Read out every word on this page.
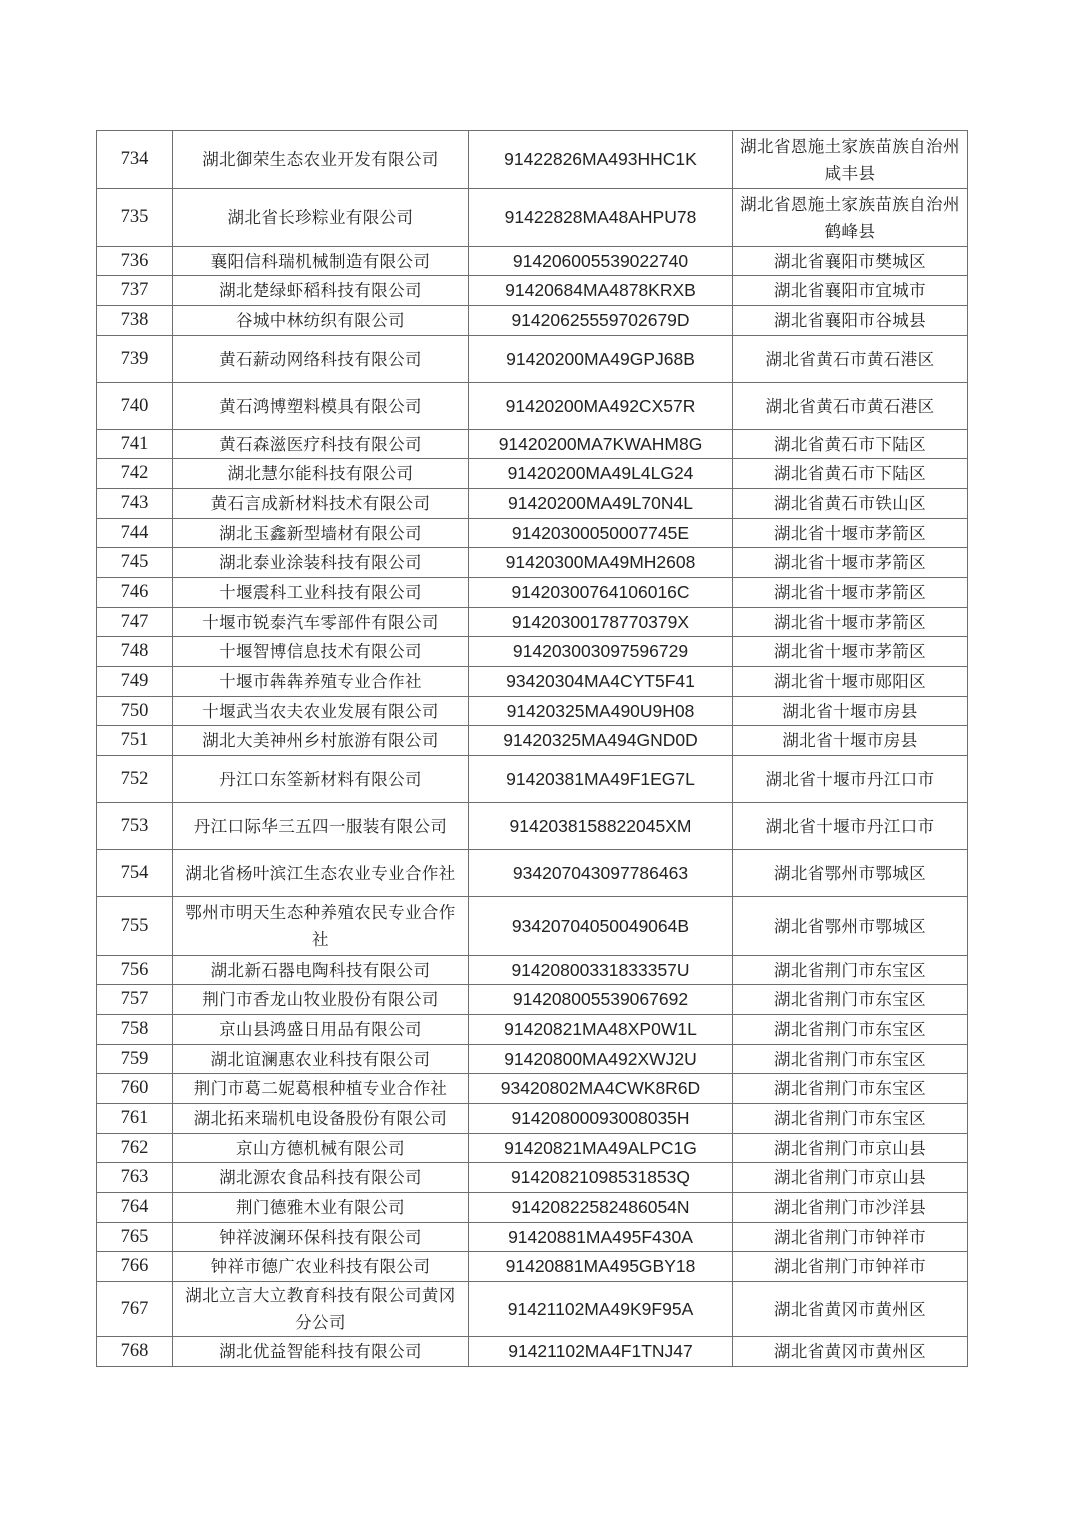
734	湖北御荣生态农业开发有限公司	91422826MA493HHC1K	湖北省恩施土家族苗族自治州咸丰县
735	湖北省长珍粽业有限公司	91422828MA48AHPU78	湖北省恩施土家族苗族自治州鹤峰县
736	襄阳信科瑞机械制造有限公司	914206005539022740	湖北省襄阳市樊城区
737	湖北楚绿虾稻科技有限公司	91420684MA4878KRXB	湖北省襄阳市宜城市
738	谷城中林纺织有限公司	91420625559702679D	湖北省襄阳市谷城县
739	黄石薪动网络科技有限公司	91420200MA49GPJ68B	湖北省黄石市黄石港区
740	黄石鸿博塑料模具有限公司	91420200MA492CX57R	湖北省黄石市黄石港区
741	黄石森滋医疗科技有限公司	91420200MA7KWAHM8G	湖北省黄石市下陆区
742	湖北慧尔能科技有限公司	91420200MA49L4LG24	湖北省黄石市下陆区
743	黄石言成新材料技术有限公司	91420200MA49L70N4L	湖北省黄石市铁山区
744	湖北玉鑫新型墙材有限公司	91420300050007745E	湖北省十堰市茅箭区
745	湖北泰业涂装科技有限公司	91420300MA49MH2608	湖北省十堰市茅箭区
746	十堰震科工业科技有限公司	91420300764106016C	湖北省十堰市茅箭区
747	十堰市锐泰汽车零部件有限公司	91420300178770379X	湖北省十堰市茅箭区
748	十堰智博信息技术有限公司	914203003097596729	湖北省十堰市茅箭区
749	十堰市犇犇养殖专业合作社	93420304MA4CYT5F41	湖北省十堰市郧阳区
750	十堰武当农夫农业发展有限公司	91420325MA490U9H08	湖北省十堰市房县
751	湖北大美神州乡村旅游有限公司	91420325MA494GND0D	湖北省十堰市房县
752	丹江口东筌新材料有限公司	91420381MA49F1EG7L	湖北省十堰市丹江口市
753	丹江口际华三五四一服装有限公司	9142038158822045XM	湖北省十堰市丹江口市
754	湖北省杨叶滨江生态农业专业合作社	934207043097786463	湖北省鄂州市鄂城区
755	鄂州市明天生态种养殖农民专业合作社	93420704050049064B	湖北省鄂州市鄂城区
756	湖北新石器电陶科技有限公司	91420800331833357U	湖北省荆门市东宝区
757	荆门市香龙山牧业股份有限公司	914208005539067692	湖北省荆门市东宝区
758	京山县鸿盛日用品有限公司	91420821MA48XP0W1L	湖北省荆门市东宝区
759	湖北谊澜惠农业科技有限公司	91420800MA492XWJ2U	湖北省荆门市东宝区
760	荆门市葛二妮葛根种植专业合作社	93420802MA4CWK8R6D	湖北省荆门市东宝区
761	湖北拓来瑞机电设备股份有限公司	91420800093008035H	湖北省荆门市东宝区
762	京山方德机械有限公司	91420821MA49ALPC1G	湖北省荆门市京山县
763	湖北源农食品科技有限公司	91420821098531853Q	湖北省荆门市京山县
764	荆门德雅木业有限公司	91420822582486054N	湖北省荆门市沙洋县
765	钟祥波澜环保科技有限公司	91420881MA495F430A	湖北省荆门市钟祥市
766	钟祥市德广农业科技有限公司	91420881MA495GBY18	湖北省荆门市钟祥市
767	湖北立言大立教育科技有限公司黄冈分公司	91421102MA49K9F95A	湖北省黄冈市黄州区
768	湖北优益智能科技有限公司	91421102MA4F1TNJ47	湖北省黄冈市黄州区
